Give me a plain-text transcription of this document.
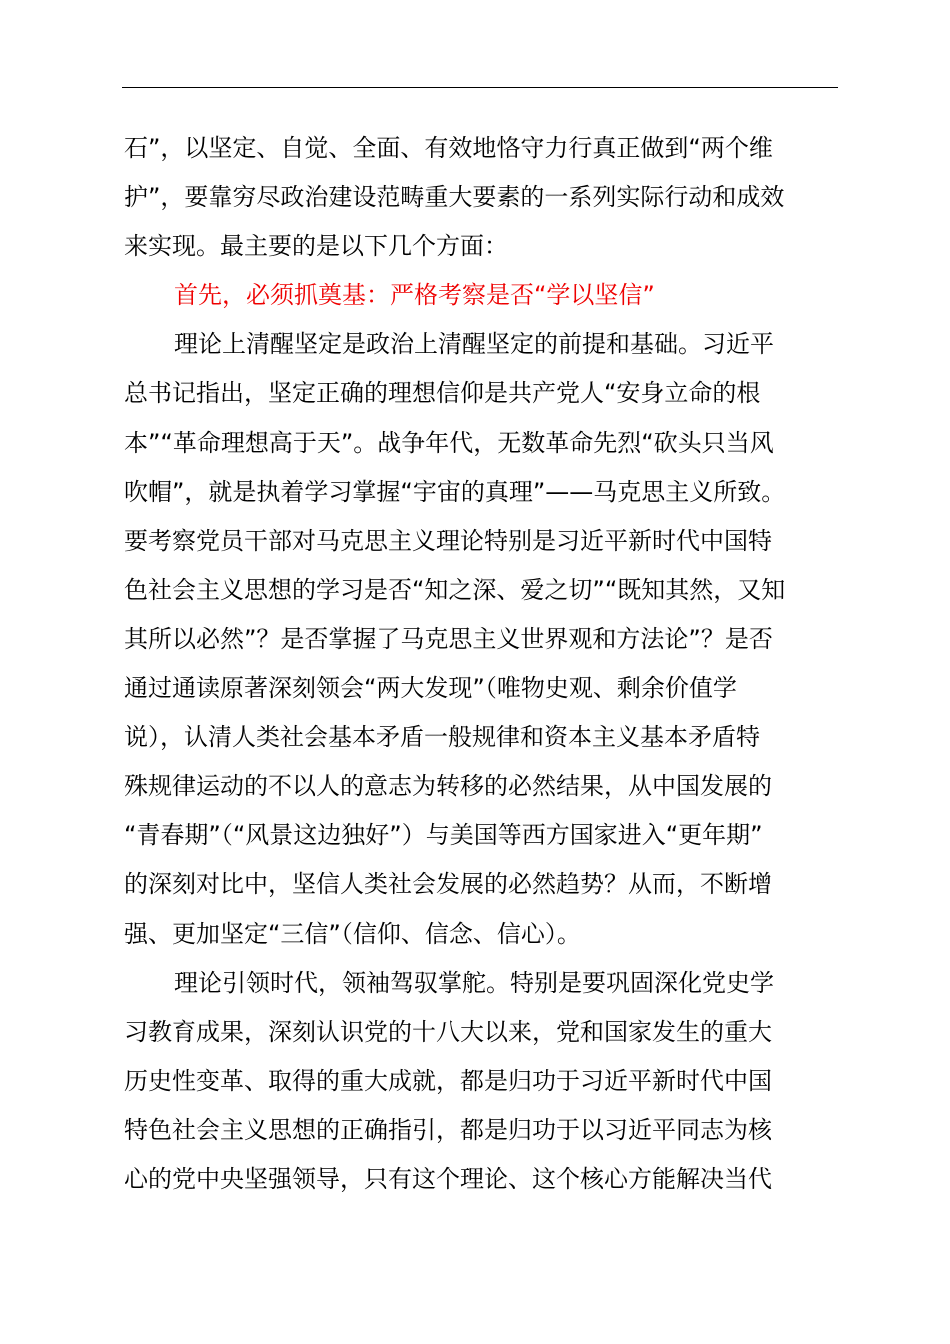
石”，以坚定、自觉、全面、有效地恪守力行真正做到“两个维
护”，要靠穷尽政治建设范畴重大要素的一系列实际行动和成效
来实现。最主要的是以下几个方面：
首先，必须抓奠基：严格考察是否“学以坚信”
理论上清醒坚定是政治上清醒坚定的前提和基础。习近平
总书记指出，坚定正确的理想信仰是共产党人“安身立命的根
本”“革命理想高于天”。战争年代，无数革命先烈“砍头只当风
吹帽”，就是执着学习掌握“宇宙的真理”——马克思主义所致。
要考察党员干部对马克思主义理论特别是习近平新时代中国特
色社会主义思想的学习是否“知之深、爱之切”“既知其然，又知
其所以必然”？是否掌握了马克思主义世界观和方法论”？是否
通过通读原著深刻领会“两大发现”（唯物史观、剩余价值学
说），认清人类社会基本矛盾一般规律和资本主义基本矛盾特
殊规律运动的不以人的意志为转移的必然结果，从中国发展的
“青春期”（“风景这边独好”）与美国等西方国家进入“更年期”
的深刻对比中，坚信人类社会发展的必然趋势？从而，不断增
强、更加坚定“三信”（信仰、信念、信心）。
理论引领时代，领袖驾驭掌舵。特别是要巩固深化党史学
习教育成果，深刻认识党的十八大以来，党和国家发生的重大
历史性变革、取得的重大成就，都是归功于习近平新时代中国
特色社会主义思想的正确指引，都是归功于以习近平同志为核
心的党中央坚强领导，只有这个理论、这个核心方能解决当代
